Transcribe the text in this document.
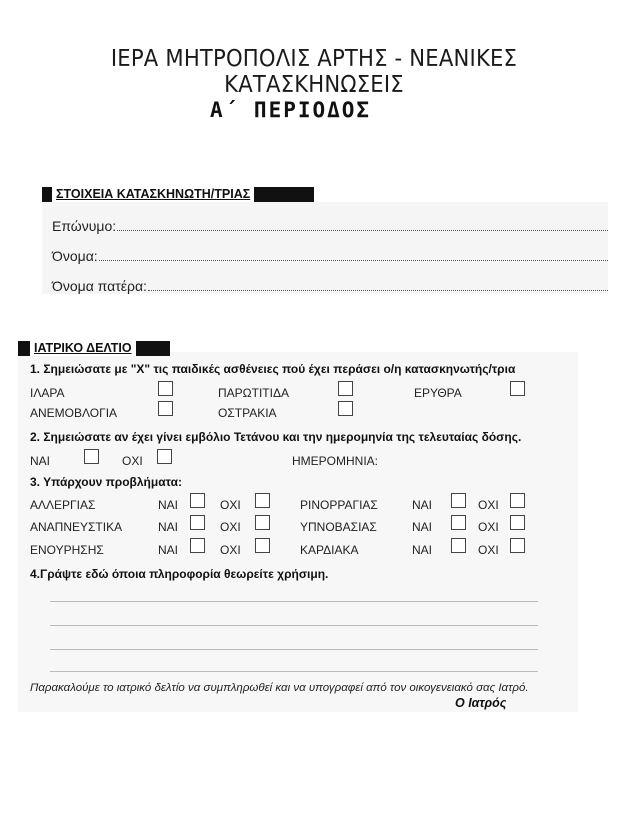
ΙΕΡΑ ΜΗΤΡΟΠΟΛΙΣ ΑΡΤΗΣ - ΝΕΑΝΙΚΕΣ ΚΑΤΑΣΚΗΝΩΣΕΙΣ
Α΄ ΠΕΡΙΟΔΟΣ
ΣΤΟΙΧΕΙΑ ΚΑΤΑΣΚΗΝΩΤΗ/ΤΡΙΑΣ
Επώνυμο:
Όνομα:
Όνομα πατέρα:
ΙΑΤΡΙΚΟ ΔΕΛΤΙΟ
1. Σημειώσατε με "Χ" τις παιδικές ασθένειες πού έχει περάσει ο/η κατασκηνωτής/τρια
ΙΛΑΡΑ	ΠΑΡΩΤΙΤΙΔΑ	ΕΡΥΘΡΑ
ΑΝΕΜΟΒΛΟΓΙΑ	ΟΣΤΡΑΚΙΑ
2. Σημειώσατε αν έχει γίνει εμβόλιο Τετάνου και την ημερομηνία της τελευταίας δόσης.
ΝΑΙ	ΟΧΙ	ΗΜΕΡΟΜΗΝΙΑ:
3. Υπάρχουν προβλήματα:
ΑΛΛΕΡΓΙΑΣ	ΝΑΙ	ΟΧΙ	ΡΙΝΟΡΡΑΓΙΑΣ	ΝΑΙ	ΟΧΙ
ΑΝΑΠΝΕΥΣΤΙΚΑ	ΝΑΙ	ΟΧΙ	ΥΠΝΟΒΑΣΙΑΣ	ΝΑΙ	ΟΧΙ
ΕΝΟΥΡΗΣΗΣ	ΝΑΙ	ΟΧΙ	ΚΑΡΔΙΑΚΑ	ΝΑΙ	ΟΧΙ
4.Γράψτε εδώ όποια πληροφορία θεωρείτε χρήσιμη.
Παρακαλούμε το ιατρικό δελτίο να συμπληρωθεί και να υπογραφεί από τον οικογενειακό σας Ιατρό.
Ο Ιατρός
